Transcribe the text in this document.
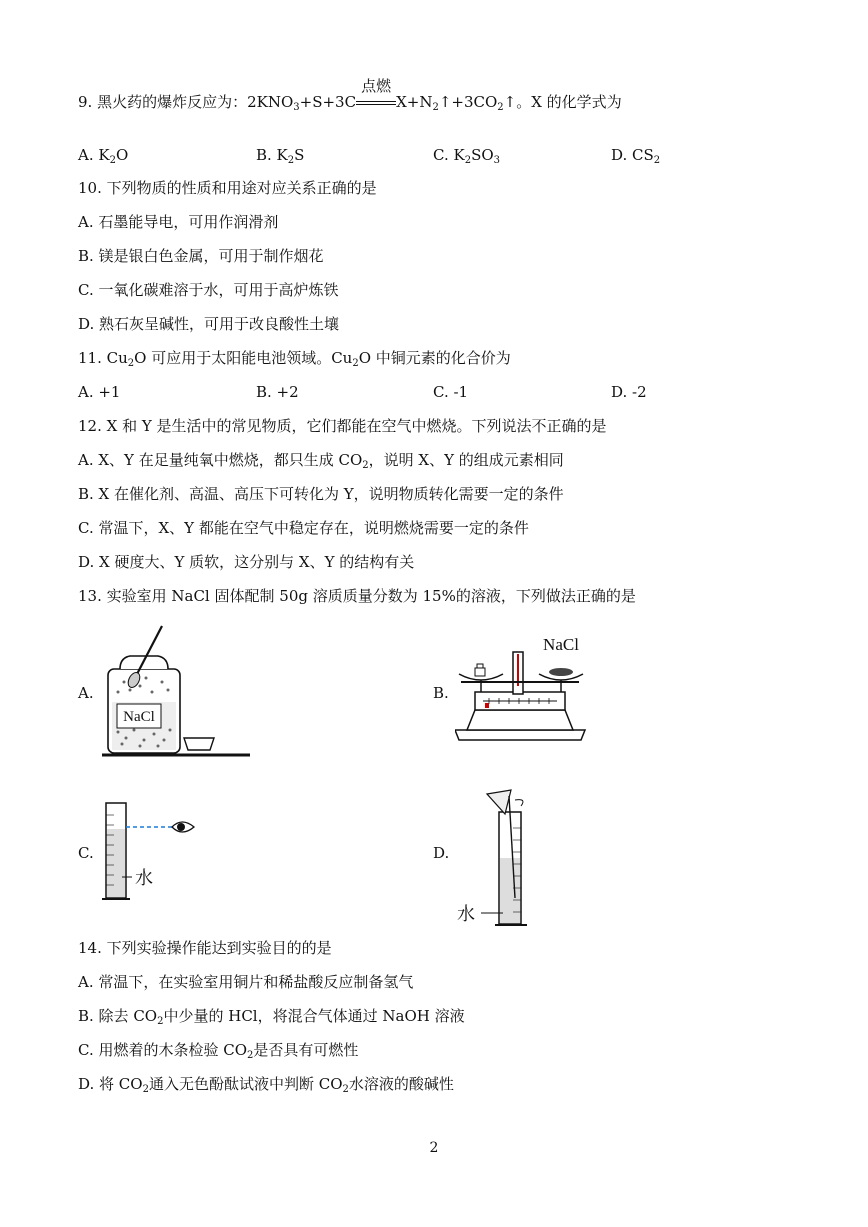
9. 黑火药的爆炸反应为：$2KNO_3+S+3C$
点燃
$X+N_2↑+3CO_2↑$。X 的化学式为
A. $K_2O$	B. $K_2S$	C. $K_2SO_3$	D. $CS_2$
10. 下列物质的性质和用途对应关系正确的是
A. 石墨能导电，可用作润滑剂
B. 镁是银白色金属，可用于制作烟花
C. 一氧化碳难溶于水，可用于高炉炼铁
D. 熟石灰呈碱性，可用于改良酸性土壤
11. $Cu_2O$ 可应用于太阳能电池领域。$Cu_2O$ 中铜元素的化合价为
A. +1	B. +2	C. -1	D. -2
12. X 和 Y 是生活中的常见物质，它们都能在空气中燃烧。下列说法不正确的是
A. X、Y 在足量纯氧中燃烧，都只生成 $CO_2$，说明 X、Y 的组成元素相同
B. X 在催化剂、高温、高压下可转化为 Y，说明物质转化需要一定的条件
C. 常温下，X、Y 都能在空气中稳定存在，说明燃烧需要一定的条件
D. X 硬度大、Y 质软，这分别与 X、Y 的结构有关
13. 实验室用 NaCl 固体配制 50g 溶质质量分数为 15%的溶液，下列做法正确的是
A.	B.
C.	D.
NaCl
NaCl
水
水
14. 下列实验操作能达到实验目的的是
A. 常温下，在实验室用铜片和稀盐酸反应制备氢气
B. 除去 $CO_2$中少量的 HCl，将混合气体通过 NaOH 溶液
C. 用燃着的木条检验 $CO_2$是否具有可燃性
D. 将 $CO_2$通入无色酚酞试液中判断 $CO_2$水溶液的酸碱性
2
